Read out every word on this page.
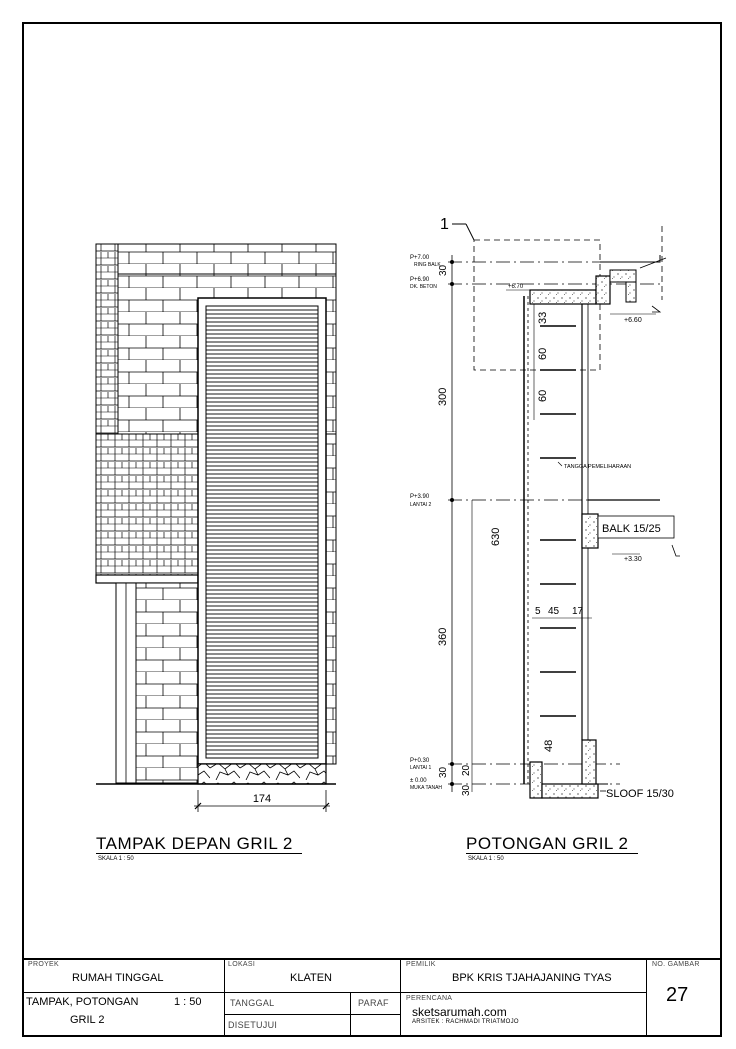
174
1
P+7.00
RING BALK
P+6.90
DK. BETON
P+3.90
LANTAI 2
P+0.30
LANTAI 1
± 0.00
MUKA TANAH
30
300
360
630
20
30
30
33
60
60
48
5 45 17
TANGGA PEMELIHARAAN
BALK 15/25
+3.30
+6.70
+6.60
SLOOF 15/30
TAMPAK DEPAN GRIL 2
SKALA 1 : 50
POTONGAN GRIL 2
SKALA 1 : 50
PROYEK
RUMAH TINGGAL
TAMPAK, POTONGAN	1 : 50
GRIL 2
LOKASI
KLATEN
TANGGAL	PARAF
DISETUJUI
PEMILIK
BPK KRIS TJAHAJANING TYAS
PERENCANA
sketsarumah.com
ARSITEK : RACHMADI TRIATMOJO
NO. GAMBAR
27
